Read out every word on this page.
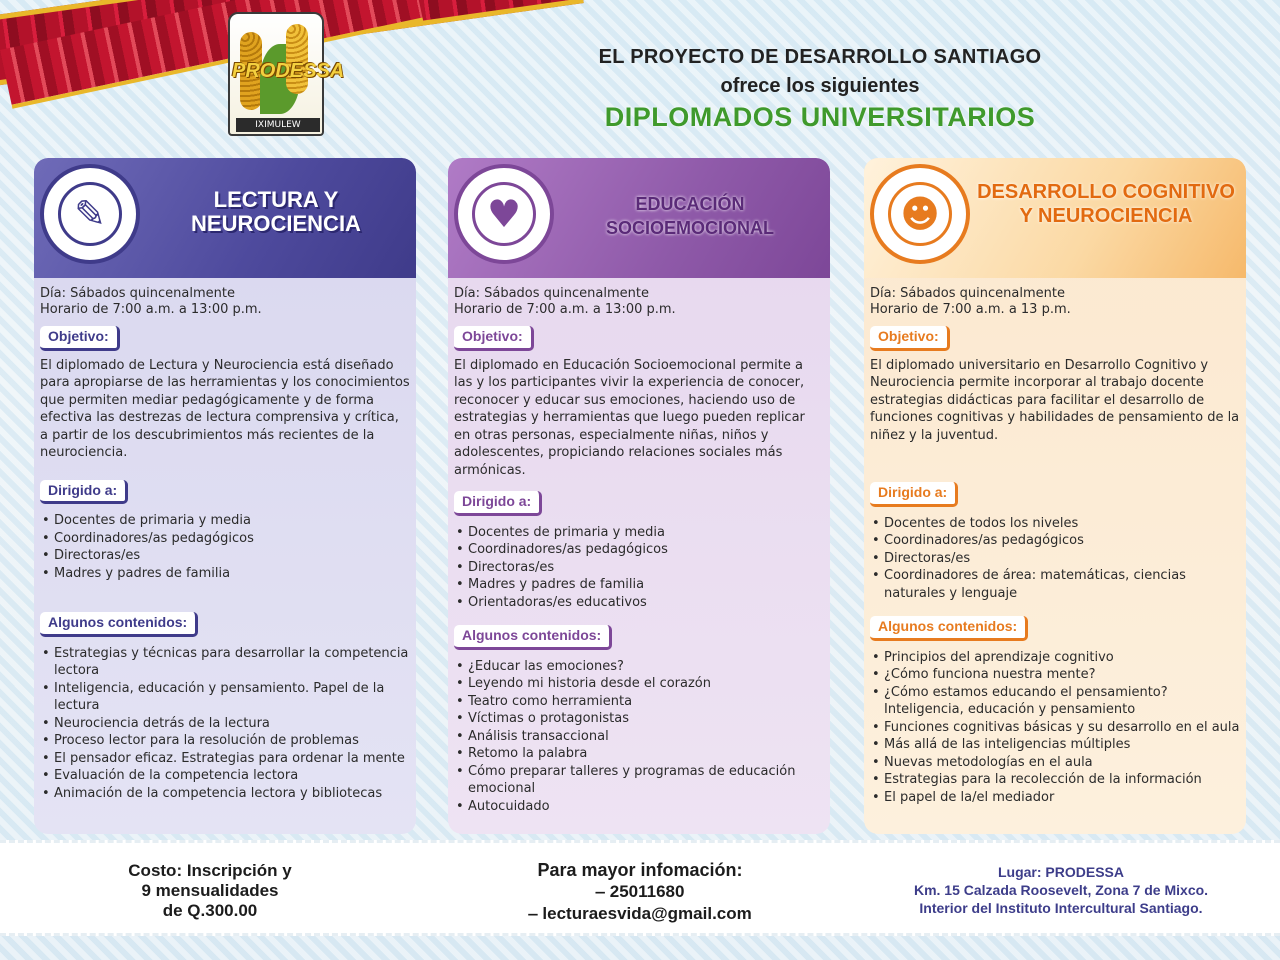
PRODESSA
IXIMULEW
EL PROYECTO DE DESARROLLO SANTIAGO
ofrece los siguientes
DIPLOMADOS UNIVERSITARIOS
✎	LECTURA Y NEUROCIENCIA
Día: Sábados quincenalmente
Horario de 7:00 a.m. a 13:00 p.m.
Objetivo:
El diplomado de Lectura y Neurociencia está diseñado para apropiarse de las herramientas y los conocimientos que permiten mediar pedagógicamente y de forma efectiva las destrezas de lectura comprensiva y crítica, a partir de los descubrimientos más recientes de la neurociencia.
Dirigido a:
• Docentes de primaria y media
• Coordinadores/as pedagógicos
• Directoras/es
• Madres y padres de familia
Algunos contenidos:
• Estrategias y técnicas para desarrollar la competencia lectora
• Inteligencia, educación y pensamiento. Papel de la lectura
• Neurociencia detrás de la lectura
• Proceso lector para la resolución de problemas
• El pensador eficaz. Estrategias para ordenar la mente
• Evaluación de la competencia lectora
• Animación de la competencia lectora y bibliotecas
♥	EDUCACIÓN SOCIOEMOCIONAL
Día: Sábados quincenalmente
Horario de 7:00 a.m. a 13:00 p.m.
Objetivo:
El diplomado en Educación Socioemocional permite a las y los participantes vivir la experiencia de conocer, reconocer y educar sus emociones, haciendo uso de estrategias y herramientas que luego pueden replicar en otras personas, especialmente niñas, niños y adolescentes, propiciando relaciones sociales más armónicas.
Dirigido a:
• Docentes de primaria y media
• Coordinadores/as pedagógicos
• Directoras/es
• Madres y padres de familia
• Orientadoras/es educativos
Algunos contenidos:
• ¿Educar las emociones?
• Leyendo mi historia desde el corazón
• Teatro como herramienta
• Víctimas o protagonistas
• Análisis transaccional
• Retomo la palabra
• Cómo preparar talleres y programas de educación emocional
• Autocuidado
☻	DESARROLLO COGNITIVO Y NEUROCIENCIA
Día: Sábados quincenalmente
Horario de 7:00 a.m. a 13 p.m.
Objetivo:
El diplomado universitario en Desarrollo Cognitivo y Neurociencia permite incorporar al trabajo docente estrategias didácticas para facilitar el desarrollo de funciones cognitivas y habilidades de pensamiento de la niñez y la juventud.
Dirigido a:
• Docentes de todos los niveles
• Coordinadores/as pedagógicos
• Directoras/es
• Coordinadores de área: matemáticas, ciencias naturales y lenguaje
Algunos contenidos:
• Principios del aprendizaje cognitivo
• ¿Cómo funciona nuestra mente?
• ¿Cómo estamos educando el pensamiento? Inteligencia, educación y pensamiento
• Funciones cognitivas básicas y su desarrollo en el aula
• Más allá de las inteligencias múltiples
• Nuevas metodologías en el aula
• Estrategias para la recolección de la información
• El papel de la/el mediador
Costo: Inscripción y
9 mensualidades
de Q.300.00
Para mayor infomación:
‒ 25011680
‒ lecturaesvida@gmail.com
Lugar: PRODESSA
Km. 15 Calzada Roosevelt, Zona 7 de Mixco.
Interior del Instituto Intercultural Santiago.
